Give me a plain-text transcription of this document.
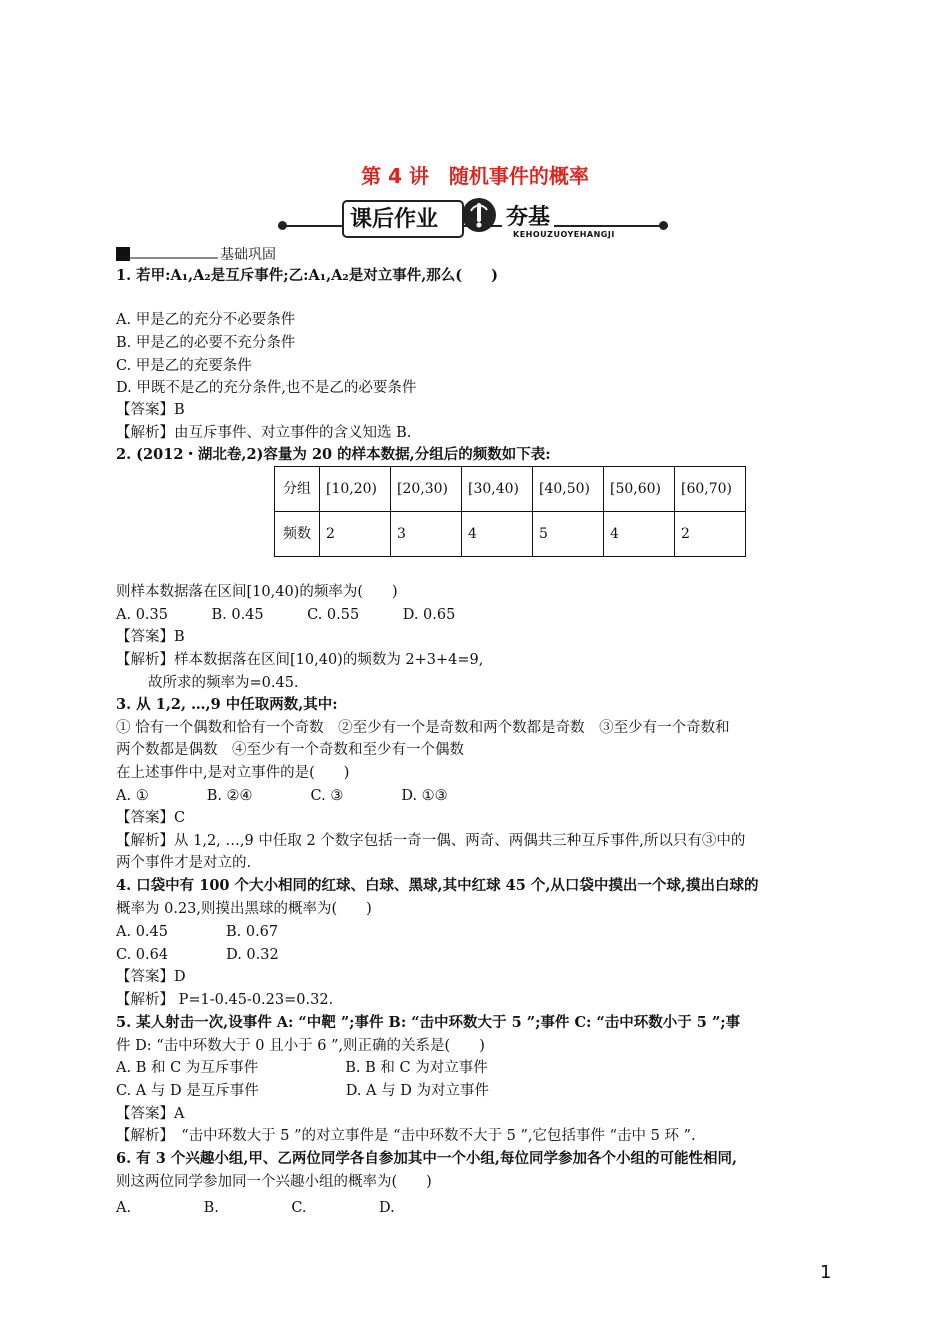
第 4 讲　随机事件的概率
课后作业	夯基
KEHOUZUOYEHANGJI
基础巩固
1. 若甲:A₁,A₂是互斥事件;乙:A₁,A₂是对立事件,那么(　　)
A. 甲是乙的充分不必要条件
B. 甲是乙的必要不充分条件
C. 甲是乙的充要条件
D. 甲既不是乙的充分条件,也不是乙的必要条件
【答案】B
【解析】由互斥事件、对立事件的含义知选 B.
2. (2012・湖北卷,2)容量为 20 的样本数据,分组后的频数如下表:
分组	[10,20)	[20,30)	[30,40)	[40,50)	[50,60)	[60,70)
频数	2	3	4	5	4	2
则样本数据落在区间[10,40)的频率为(　　)
A. 0.35　　　B. 0.45　　　C. 0.55　　　D. 0.65
【答案】B
【解析】样本数据落在区间[10,40)的频数为 2+3+4=9,
故所求的频率为=0.45.
3. 从 1,2, …,9 中任取两数,其中:
① 恰有一个偶数和恰有一个奇数　②至少有一个是奇数和两个数都是奇数　③至少有一个奇数和
两个数都是偶数　④至少有一个奇数和至少有一个偶数
在上述事件中,是对立事件的是(　　)
A. ①　　　　B. ②④　　　　C. ③　　　　D. ①③
【答案】C
【解析】从 1,2, …,9 中任取 2 个数字包括一奇一偶、两奇、两偶共三种互斥事件,所以只有③中的
两个事件才是对立的.
4. 口袋中有 100 个大小相同的红球、白球、黑球,其中红球 45 个,从口袋中摸出一个球,摸出白球的
概率为 0.23,则摸出黑球的概率为(　　)
A. 0.45　　　　B. 0.67
C. 0.64　　　　D. 0.32
【答案】D
【解析】 P=1-0.45-0.23=0.32.
5. 某人射击一次,设事件 A: “中靶 ”;事件 B: “击中环数大于 5 ”;事件 C: “击中环数小于 5 ”;事
件 D: “击中环数大于 0 且小于 6 ”,则正确的关系是(　　)
A. B 和 C 为互斥事件　　　　　　B. B 和 C 为对立事件
C. A 与 D 是互斥事件　　　　　　D. A 与 D 为对立事件
【答案】A
【解析】　“击中环数大于 5 ”的对立事件是 “击中环数不大于 5 ”,它包括事件 “击中 5 环 ”.
6. 有 3 个兴趣小组,甲、乙两位同学各自参加其中一个小组,每位同学参加各个小组的可能性相同,
则这两位同学参加同一个兴趣小组的概率为(　　)
A.　　　　　B.　　　　　C.　　　　　D.
1
